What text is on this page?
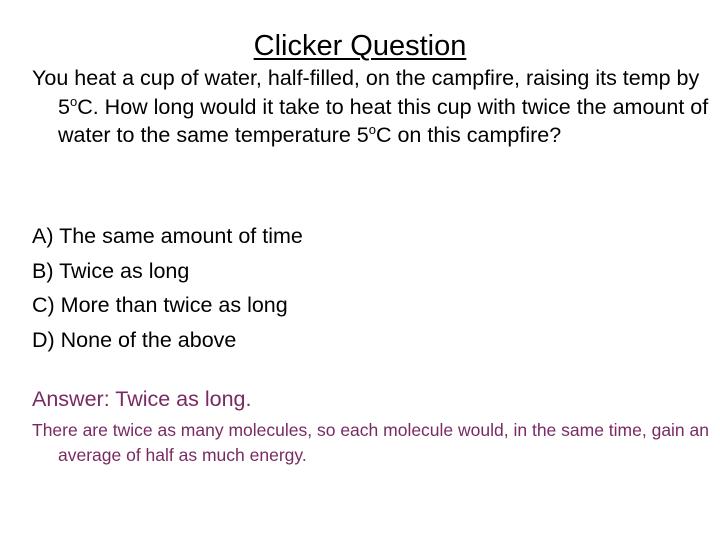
Clicker Question

You heat a cup of water, half-filled, on the campfire, raising its temp by 5$^o$C. How long would it take to heat this cup with twice the amount of water to the same temperature 5$^o$C on this campfire?

A) The same amount of time
B) Twice as long
C) More than twice as long
D) None of the above
Answer: Twice as long.

There are twice as many molecules, so each molecule would, in the same time, gain an average of half as much energy.
